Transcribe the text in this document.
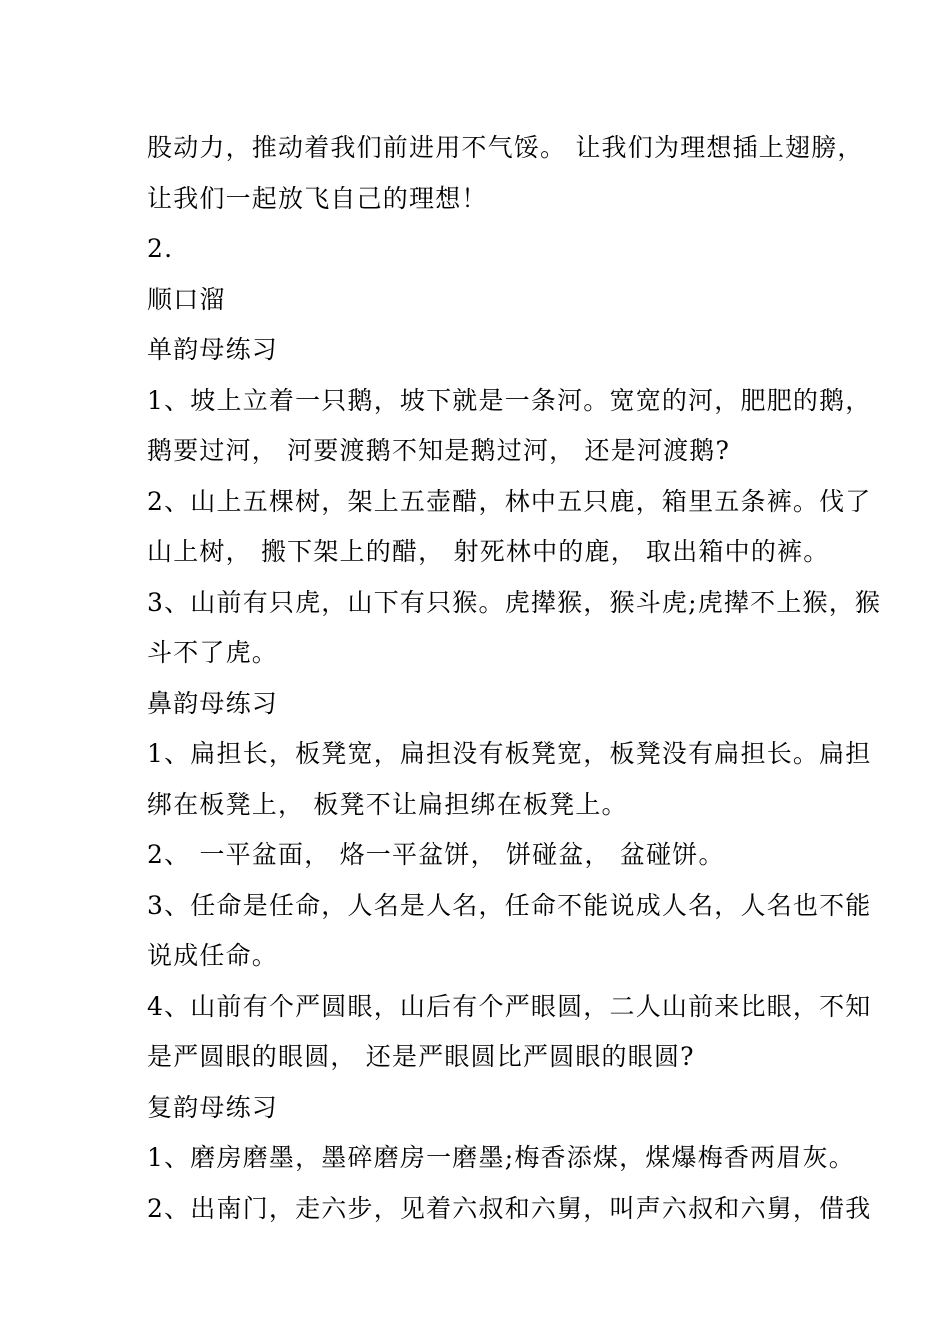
股动力，推动着我们前进用不气馁。 让我们为理想插上翅膀，
让我们一起放飞自己的理想！
2.
顺口溜
单韵母练习
1、坡上立着一只鹅，坡下就是一条河。宽宽的河，肥肥的鹅，
鹅要过河， 河要渡鹅不知是鹅过河， 还是河渡鹅?
2、山上五棵树，架上五壶醋，林中五只鹿，箱里五条裤。伐了
山上树， 搬下架上的醋， 射死林中的鹿， 取出箱中的裤。
3、山前有只虎，山下有只猴。虎撵猴，猴斗虎;虎撵不上猴，猴
斗不了虎。
鼻韵母练习
1、扁担长，板凳宽，扁担没有板凳宽，板凳没有扁担长。扁担
绑在板凳上， 板凳不让扁担绑在板凳上。
2、 一平盆面， 烙一平盆饼， 饼碰盆， 盆碰饼。
3、任命是任命，人名是人名，任命不能说成人名，人名也不能
说成任命。
4、山前有个严圆眼，山后有个严眼圆，二人山前来比眼，不知
是严圆眼的眼圆， 还是严眼圆比严圆眼的眼圆?
复韵母练习
1、磨房磨墨，墨碎磨房一磨墨;梅香添煤，煤爆梅香两眉灰。
2、出南门，走六步，见着六叔和六舅，叫声六叔和六舅，借我
